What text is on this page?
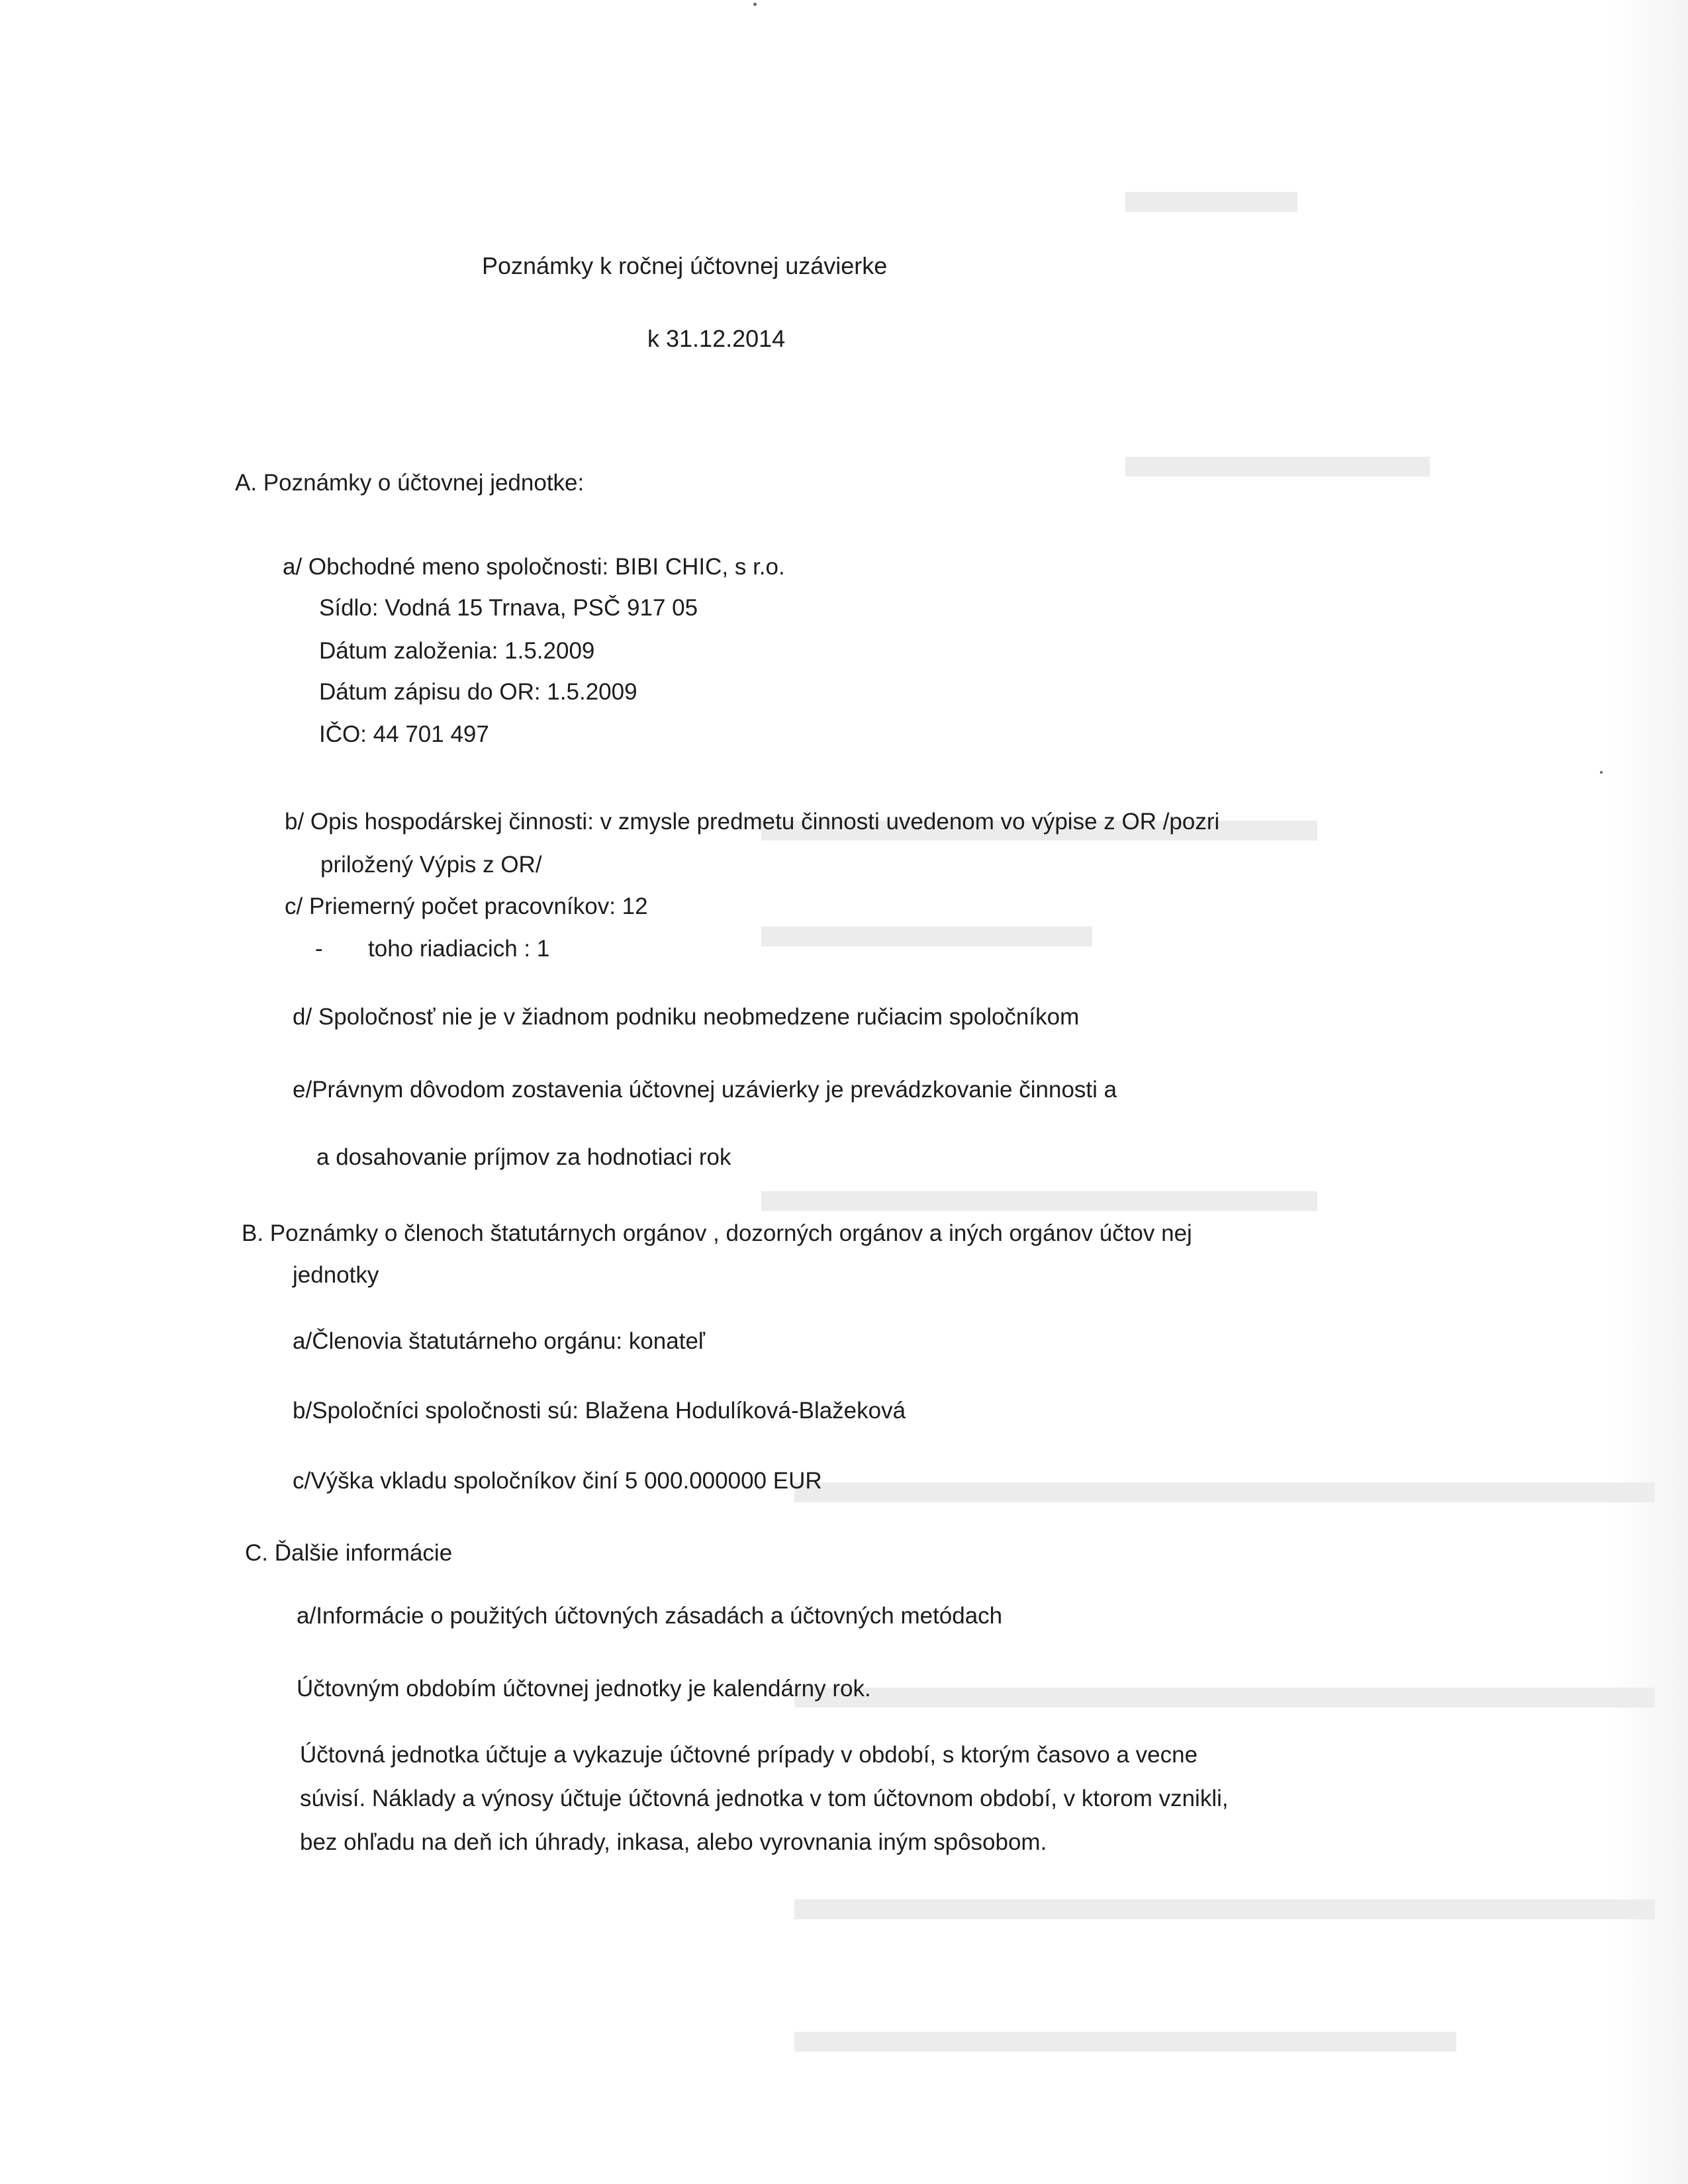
Poznámky k ročnej účtovnej uzávierke
k 31.12.2014
A. Poznámky o účtovnej jednotke:
a/ Obchodné meno spoločnosti: BIBI CHIC, s r.o.
Sídlo: Vodná 15 Trnava, PSČ 917 05
Dátum založenia: 1.5.2009
Dátum zápisu do OR: 1.5.2009
IČO: 44 701 497
b/ Opis hospodárskej činnosti: v zmysle predmetu činnosti uvedenom vo výpise z OR /pozri
priložený Výpis z OR/
c/ Priemerný počet pracovníkov: 12
- toho riadiacich : 1
d/ Spoločnosť nie je v žiadnom podniku neobmedzene ručiacim spoločníkom
e/Právnym dôvodom zostavenia účtovnej uzávierky je prevádzkovanie činnosti a
a dosahovanie príjmov za hodnotiaci rok
B. Poznámky o členoch štatutárnych orgánov , dozorných orgánov a iných orgánov účtov nej
jednotky
a/Členovia štatutárneho orgánu: konateľ
b/Spoločníci spoločnosti sú: Blažena Hodulíková-Blažeková
c/Výška vkladu spoločníkov činí 5 000.000000 EUR
C. Ďalšie informácie
a/Informácie o použitých účtovných zásadách a účtovných metódach
Účtovným obdobím účtovnej jednotky je kalendárny rok.
Účtovná jednotka účtuje a vykazuje účtovné prípady v období, s ktorým časovo a vecne
súvisí. Náklady a výnosy účtuje účtovná jednotka v tom účtovnom období, v ktorom vznikli,
bez ohľadu na deň ich úhrady, inkasa, alebo vyrovnania iným spôsobom.
